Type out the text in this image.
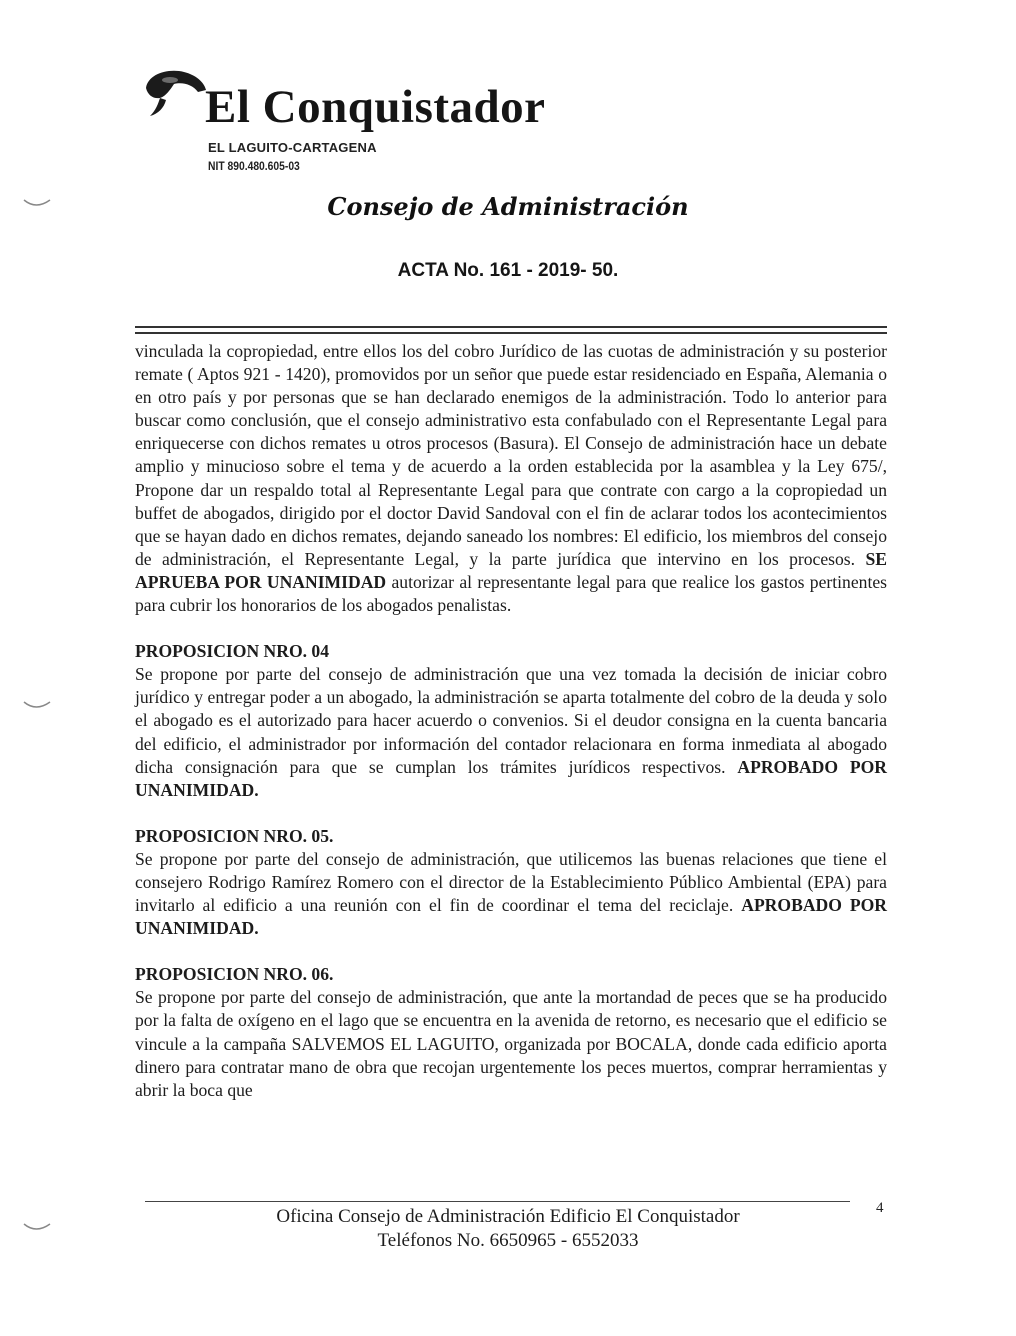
El Conquistador
EL LAGUITO-CARTAGENA
NIT 890.480.605-03
Consejo de Administración
ACTA No. 161 - 2019- 50.

vinculada la copropiedad, entre ellos los del cobro Jurídico de las cuotas de administración y su posterior remate ( Aptos 921 - 1420), promovidos por un señor que puede estar residenciado en España, Alemania o en otro país y por personas que se han declarado enemigos de la administración. Todo lo anterior para buscar como conclusión, que el consejo administrativo esta confabulado con el Representante Legal para enriquecerse con dichos remates u otros procesos (Basura). El Consejo de administración hace un debate amplio y minucioso sobre el tema y de acuerdo a la orden establecida por la asamblea y la Ley 675/, Propone dar un respaldo total al Representante Legal para que contrate con cargo a la copropiedad un buffet de abogados, dirigido por el doctor David Sandoval con el fin de aclarar todos los acontecimientos que se hayan dado en dichos remates, dejando saneado los nombres: El edificio, los miembros del consejo de administración, el Representante Legal, y la parte jurídica que intervino en los procesos. SE APRUEBA POR UNANIMIDAD autorizar al representante legal para que realice los gastos pertinentes para cubrir los honorarios de los abogados penalistas.

PROPOSICION NRO. 04
Se propone por parte del consejo de administración que una vez tomada la decisión de iniciar cobro jurídico y entregar poder a un abogado, la administración se aparta totalmente del cobro de la deuda y solo el abogado es el autorizado para hacer acuerdo o convenios. Si el deudor consigna en la cuenta bancaria del edificio, el administrador por información del contador relacionara en forma inmediata al abogado dicha consignación para que se cumplan los trámites jurídicos respectivos. APROBADO POR UNANIMIDAD.

PROPOSICION NRO. 05.
Se propone por parte del consejo de administración, que utilicemos las buenas relaciones que tiene el consejero Rodrigo Ramírez Romero con el director de la Establecimiento Público Ambiental (EPA) para invitarlo al edificio a una reunión con el fin de coordinar el tema del reciclaje. APROBADO POR UNANIMIDAD.

PROPOSICION NRO. 06.
Se propone por parte del consejo de administración, que ante la mortandad de peces que se ha producido por la falta de oxígeno en el lago que se encuentra en la avenida de retorno, es necesario que el edificio se vincule a la campaña SALVEMOS EL LAGUITO, organizada por BOCALA, donde cada edificio aporta dinero para contratar mano de obra que recojan urgentemente los peces muertos, comprar herramientas y abrir la boca que

Oficina Consejo de Administración Edificio El Conquistador
Teléfonos No. 6650965 - 6552033
4
